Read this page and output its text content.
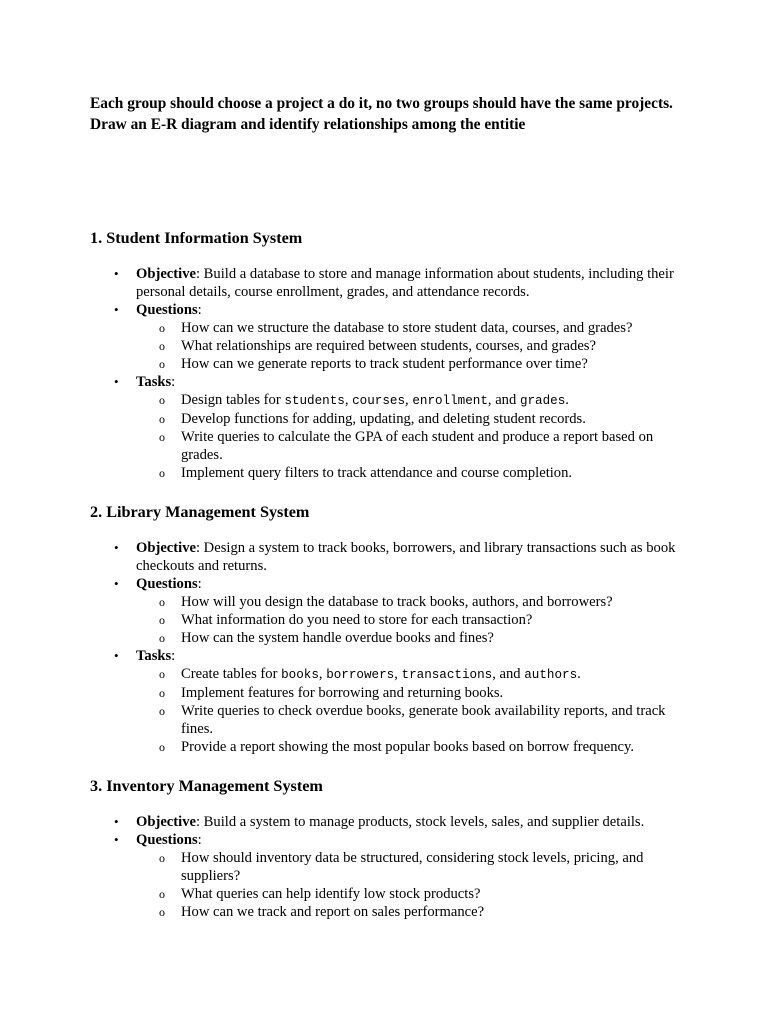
Each group should choose a project a do it, no two groups should have the same projects. Draw an E-R diagram and identify relationships among the entitie
1. Student Information System
• Objective: Build a database to store and manage information about students, including their personal details, course enrollment, grades, and attendance records.
• Questions:
o How can we structure the database to store student data, courses, and grades?
o What relationships are required between students, courses, and grades?
o How can we generate reports to track student performance over time?
• Tasks:
o Design tables for students, courses, enrollment, and grades.
o Develop functions for adding, updating, and deleting student records.
o Write queries to calculate the GPA of each student and produce a report based on grades.
o Implement query filters to track attendance and course completion.
2. Library Management System
• Objective: Design a system to track books, borrowers, and library transactions such as book checkouts and returns.
• Questions:
o How will you design the database to track books, authors, and borrowers?
o What information do you need to store for each transaction?
o How can the system handle overdue books and fines?
• Tasks:
o Create tables for books, borrowers, transactions, and authors.
o Implement features for borrowing and returning books.
o Write queries to check overdue books, generate book availability reports, and track fines.
o Provide a report showing the most popular books based on borrow frequency.
3. Inventory Management System
• Objective: Build a system to manage products, stock levels, sales, and supplier details.
• Questions:
o How should inventory data be structured, considering stock levels, pricing, and suppliers?
o What queries can help identify low stock products?
o How can we track and report on sales performance?
